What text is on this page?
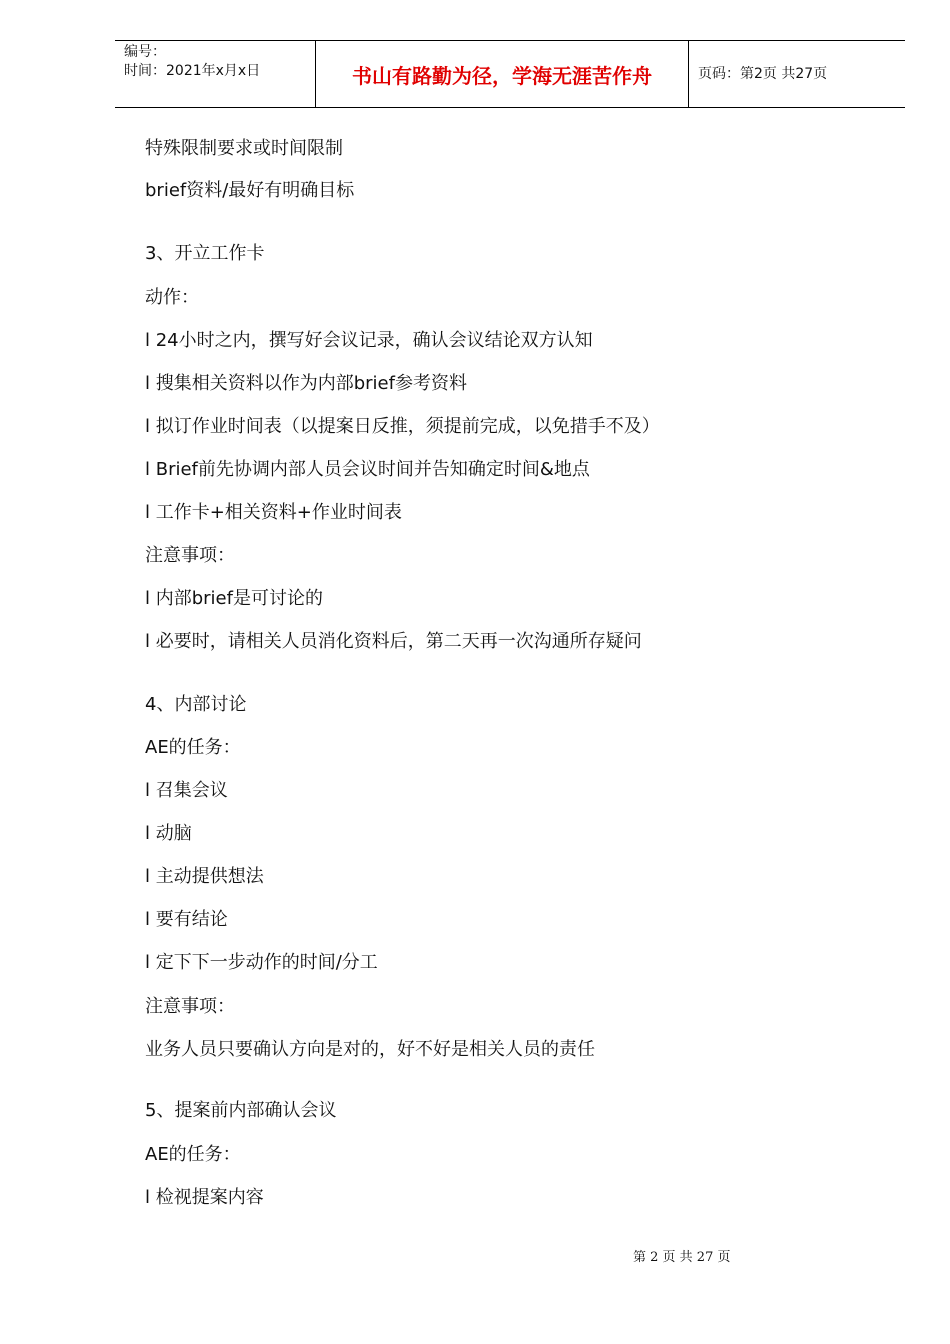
编号：
时间：2021年x月x日	书山有路勤为径，学海无涯苦作舟	页码：第2页 共27页
特殊限制要求或时间限制
brief资料/最好有明确目标
3、开立工作卡
动作：
l 24小时之内，撰写好会议记录，确认会议结论双方认知
l 搜集相关资料以作为内部brief参考资料
l 拟订作业时间表（以提案日反推，须提前完成，以免措手不及）
l Brief前先协调内部人员会议时间并告知确定时间&地点
l 工作卡+相关资料+作业时间表
注意事项：
l 内部brief是可讨论的
l 必要时，请相关人员消化资料后，第二天再一次沟通所存疑问
4、内部讨论
AE的任务：
l 召集会议
l 动脑
l 主动提供想法
l 要有结论
l 定下下一步动作的时间/分工
注意事项：
业务人员只要确认方向是对的，好不好是相关人员的责任
5、提案前内部确认会议
AE的任务：
l 检视提案内容
第 2 页 共 27 页
